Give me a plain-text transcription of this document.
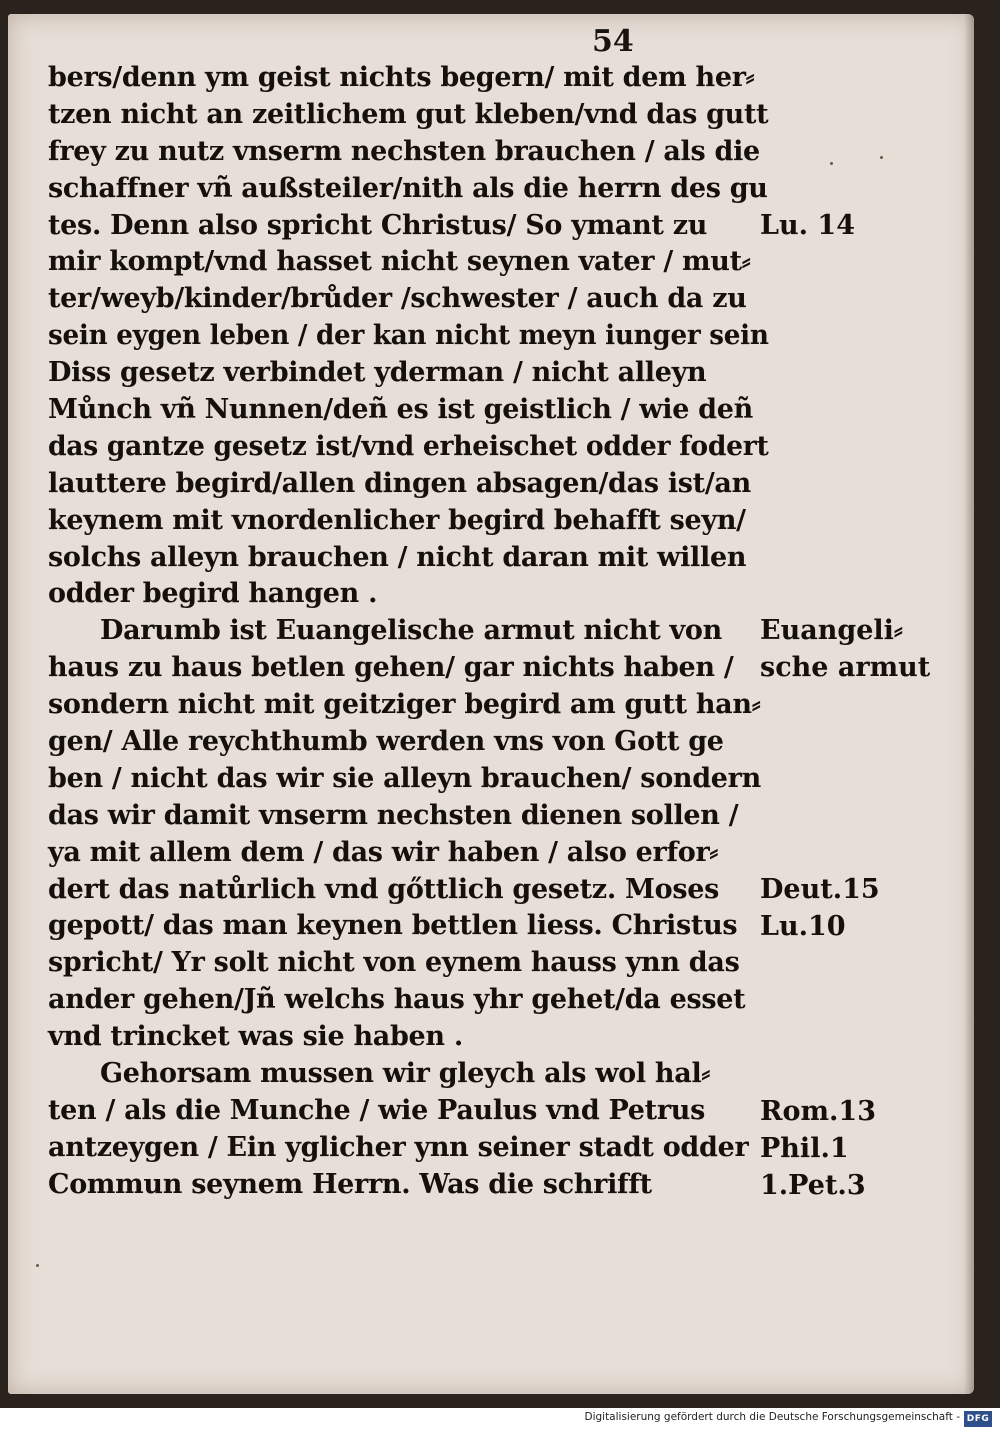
54

bers/denn ym geist nichts begern/ mit dem her⸗
tzen nicht an zeitlichem gut kleben/vnd das gutt
frey zu nutz vnserm nechsten brauchen / als die
schaffner vñ außsteiler/nith als die herrn des gu
tes. Denn also spricht Christus/ So ymant zu
mir kompt/vnd hasset nicht seynen vater / mut⸗
ter/weyb/kinder/brůder /schwester / auch da zu
sein eygen leben / der kan nicht meyn iunger sein
Diss gesetz verbindet yderman / nicht alleyn
Můnch vñ Nunnen/deñ es ist geistlich / wie deñ
das gantze gesetz ist/vnd erheischet odder fodert
lauttere begird/allen dingen absagen/das ist/an
keynem mit vnordenlicher begird behafft seyn/
solchs alleyn brauchen / nicht daran mit willen
odder begird hangen .
Darumb ist Euangelische armut nicht von
haus zu haus betlen gehen/ gar nichts haben /
sondern nicht mit geitziger begird am gutt han⸗
gen/ Alle reychthumb werden vns von Gott ge
ben / nicht das wir sie alleyn brauchen/ sondern
das wir damit vnserm nechsten dienen sollen /
ya mit allem dem / das wir haben / also erfor⸗
dert das natůrlich vnd gőttlich gesetz. Moses
gepott/ das man keynen bettlen liess. Christus
spricht/ Yr solt nicht von eynem hauss ynn das
ander gehen/Jñ welchs haus yhr gehet/da esset
vnd trincket was sie haben .
Gehorsam mussen wir gleych als wol hal⸗
ten / als die Munche / wie Paulus vnd Petrus
antzeygen / Ein yglicher ynn seiner stadt odder
Commun seynem Herrn. Was die schrifft

Lu. 14

Euangeli⸗

sche armut

Deut.15

Lu.10

Rom.13

Phil.1

1.Pet.3

Digitalisierung gefördert durch die Deutsche Forschungsgemeinschaft - DFG
